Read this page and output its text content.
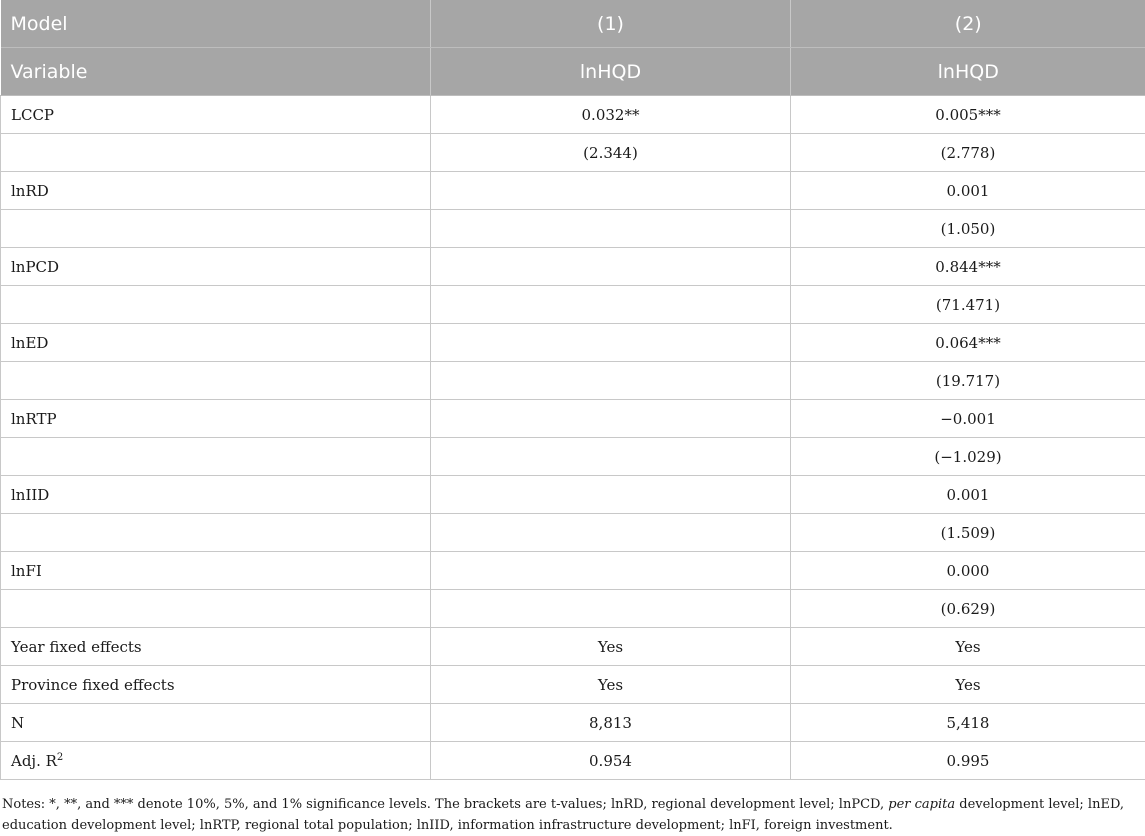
Model	(1)	(2)
Variable	lnHQD	lnHQD
LCCP	0.032**	0.005***
	(2.344)	(2.778)
lnRD		0.001
		(1.050)
lnPCD		0.844***
		(71.471)
lnED		0.064***
		(19.717)
lnRTP		−0.001
		(−1.029)
lnIID		0.001
		(1.509)
lnFI		0.000
		(0.629)
Year fixed effects	Yes	Yes
Province fixed effects	Yes	Yes
N	8,813	5,418
Adj. $R^2$	0.954	0.995
Notes: *, **, and *** denote 10%, 5%, and 1% significance levels. The brackets are t-values; lnRD, regional development level; lnPCD, per capita development level; lnED, education development level; lnRTP, regional total population; lnIID, information infrastructure development; lnFI, foreign investment.
